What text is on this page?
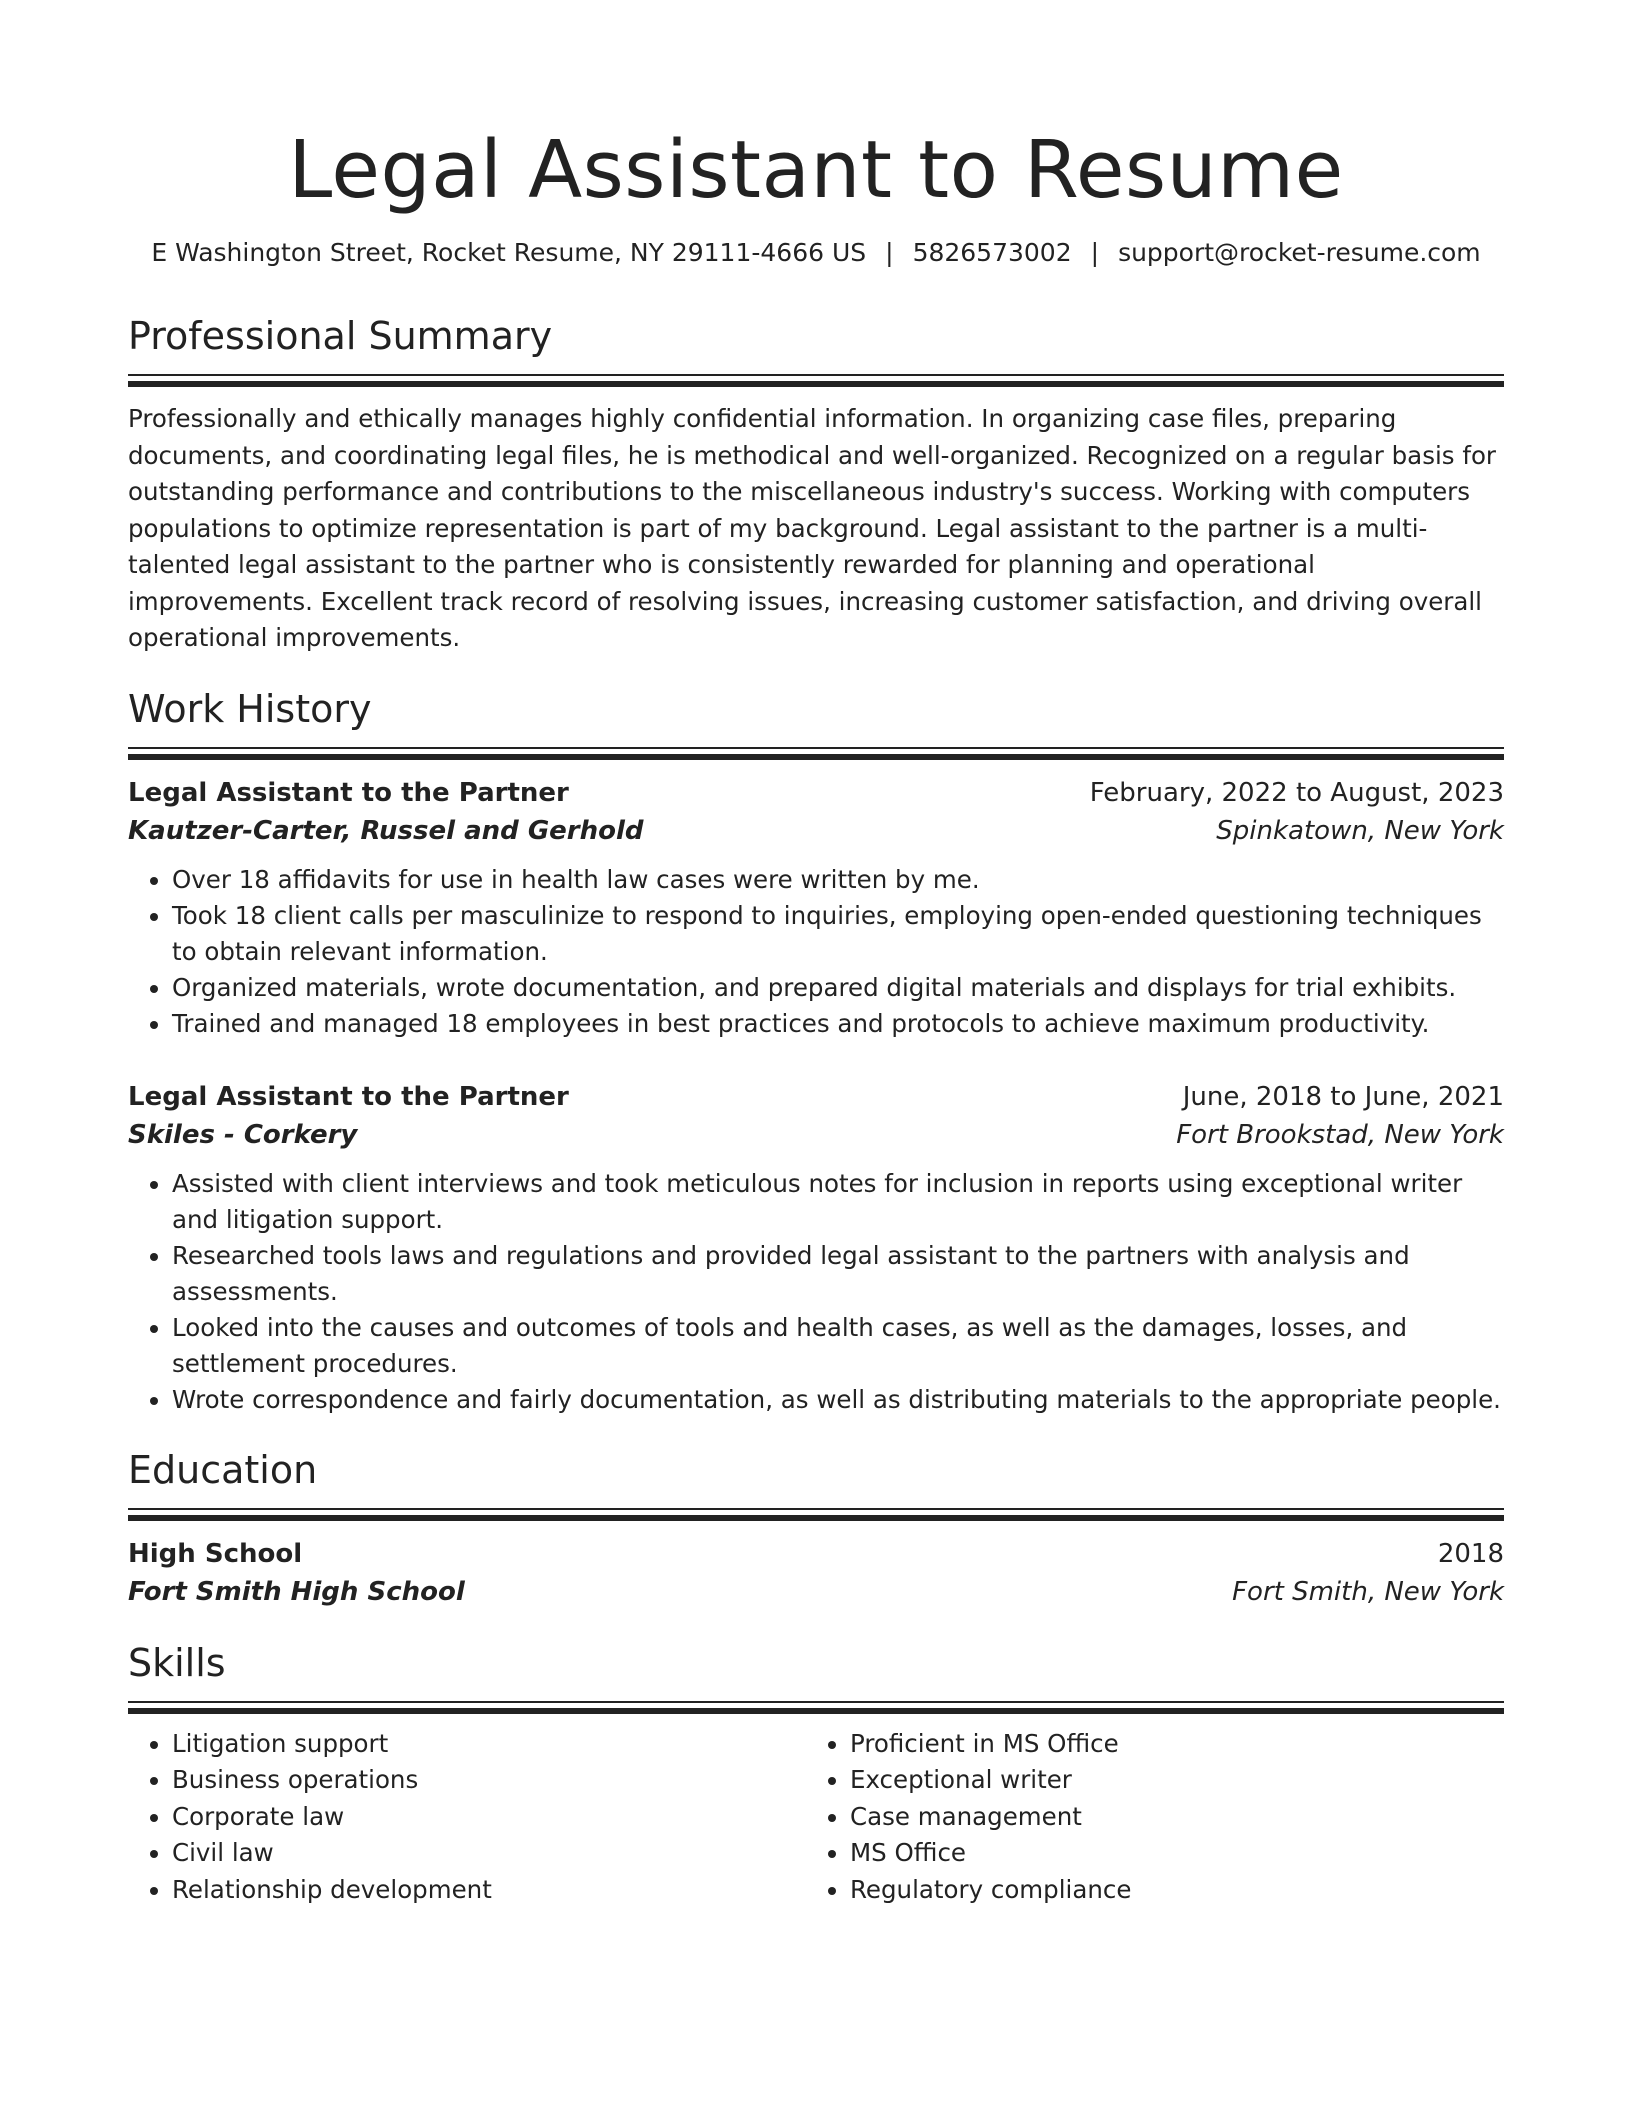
Legal Assistant to Resume
E Washington Street, Rocket Resume, NY 29111-4666 US | 5826573002 | support@rocket-resume.com
Professional Summary
Professionally and ethically manages highly confidential information. In organizing case files, preparing documents, and coordinating legal files, he is methodical and well-organized. Recognized on a regular basis for outstanding performance and contributions to the miscellaneous industry's success. Working with computers populations to optimize representation is part of my background. Legal assistant to the partner is a multi-talented legal assistant to the partner who is consistently rewarded for planning and operational improvements. Excellent track record of resolving issues, increasing customer satisfaction, and driving overall operational improvements.
Work History
Legal Assistant to the Partner	February, 2022 to August, 2023
Kautzer-Carter, Russel and Gerhold	Spinkatown, New York
• Over 18 affidavits for use in health law cases were written by me.
• Took 18 client calls per masculinize to respond to inquiries, employing open-ended questioning techniques to obtain relevant information.
• Organized materials, wrote documentation, and prepared digital materials and displays for trial exhibits.
• Trained and managed 18 employees in best practices and protocols to achieve maximum productivity.
Legal Assistant to the Partner	June, 2018 to June, 2021
Skiles - Corkery	Fort Brookstad, New York
• Assisted with client interviews and took meticulous notes for inclusion in reports using exceptional writer and litigation support.
• Researched tools laws and regulations and provided legal assistant to the partners with analysis and assessments.
• Looked into the causes and outcomes of tools and health cases, as well as the damages, losses, and settlement procedures.
• Wrote correspondence and fairly documentation, as well as distributing materials to the appropriate people.
Education
High School	2018
Fort Smith High School	Fort Smith, New York
Skills
• Litigation support
• Business operations
• Corporate law
• Civil law
• Relationship development
• Proficient in MS Office
• Exceptional writer
• Case management
• MS Office
• Regulatory compliance
